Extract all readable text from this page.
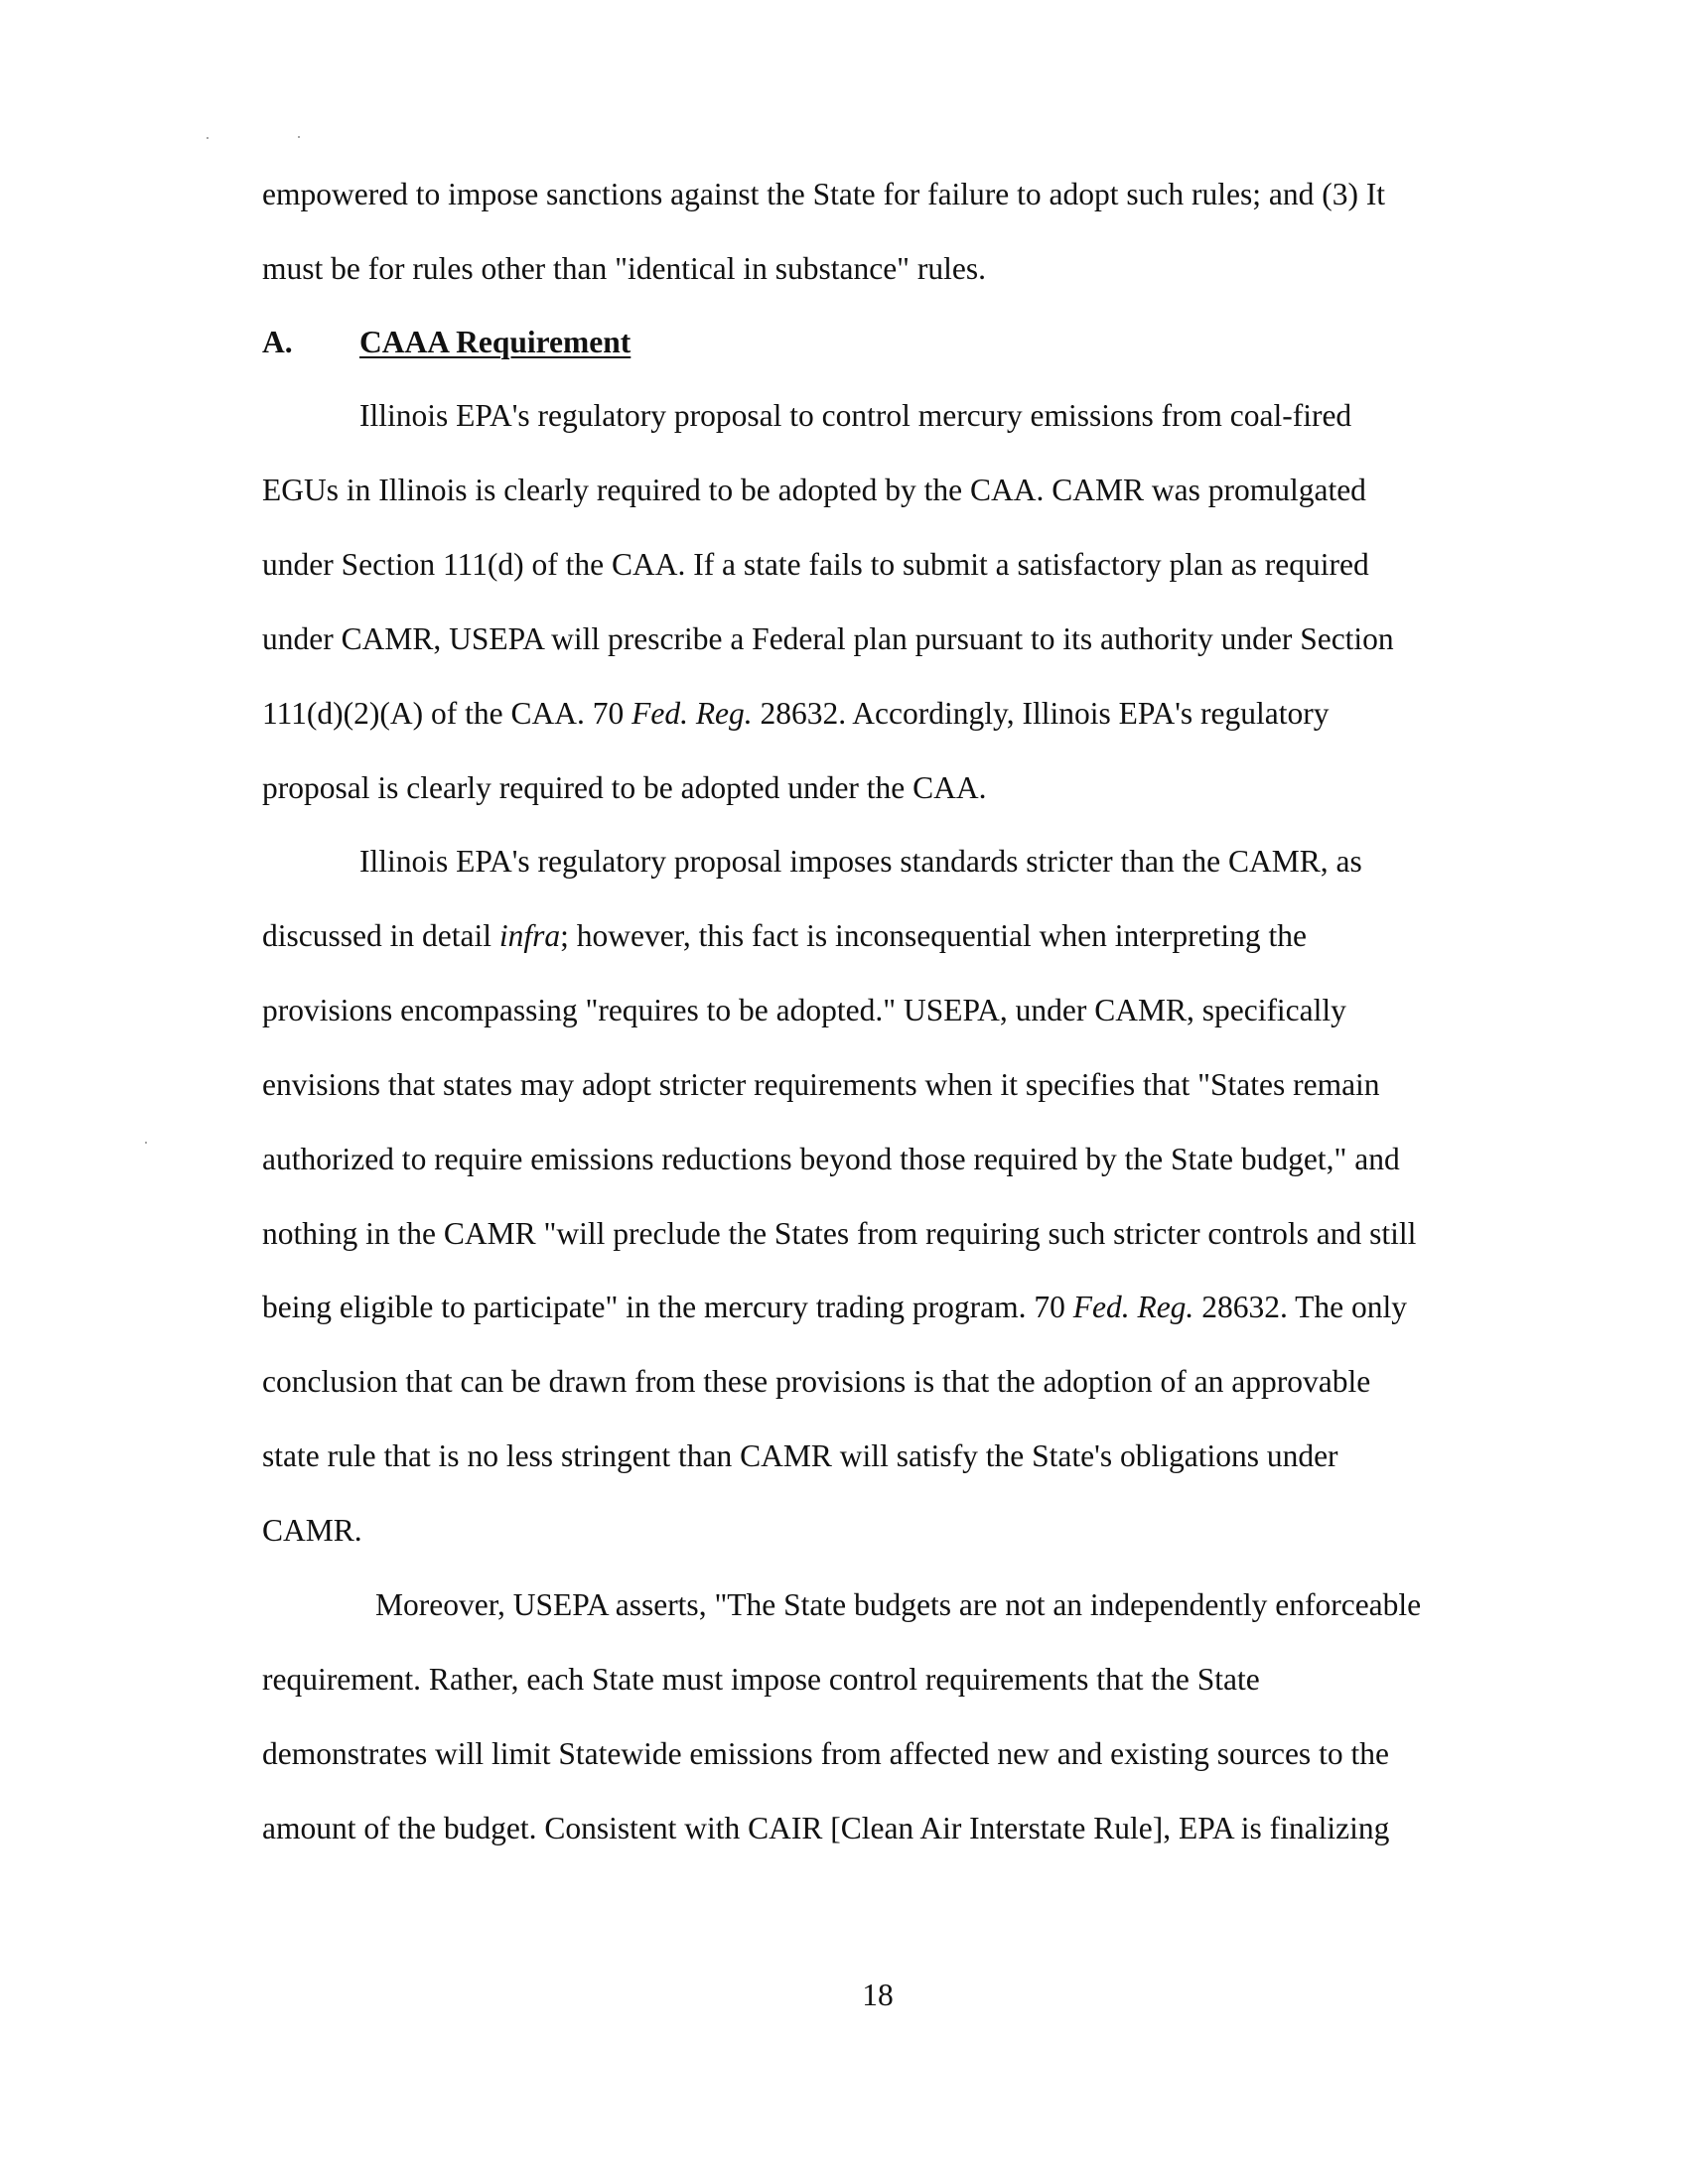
empowered to impose sanctions against the State for failure to adopt such rules; and (3) It
must be for rules other than "identical in substance" rules.
A. CAAA Requirement
Illinois EPA's regulatory proposal to control mercury emissions from coal-fired
EGUs in Illinois is clearly required to be adopted by the CAA. CAMR was promulgated
under Section 111(d) of the CAA. If a state fails to submit a satisfactory plan as required
under CAMR, USEPA will prescribe a Federal plan pursuant to its authority under Section
111(d)(2)(A) of the CAA. 70 Fed. Reg. 28632. Accordingly, Illinois EPA's regulatory
proposal is clearly required to be adopted under the CAA.
Illinois EPA's regulatory proposal imposes standards stricter than the CAMR, as
discussed in detail infra; however, this fact is inconsequential when interpreting the
provisions encompassing "requires to be adopted." USEPA, under CAMR, specifically
envisions that states may adopt stricter requirements when it specifies that "States remain
authorized to require emissions reductions beyond those required by the State budget," and
nothing in the CAMR "will preclude the States from requiring such stricter controls and still
being eligible to participate" in the mercury trading program. 70 Fed. Reg. 28632. The only
conclusion that can be drawn from these provisions is that the adoption of an approvable
state rule that is no less stringent than CAMR will satisfy the State's obligations under
CAMR.
Moreover, USEPA asserts, "The State budgets are not an independently enforceable
requirement. Rather, each State must impose control requirements that the State
demonstrates will limit Statewide emissions from affected new and existing sources to the
amount of the budget. Consistent with CAIR [Clean Air Interstate Rule], EPA is finalizing
18
